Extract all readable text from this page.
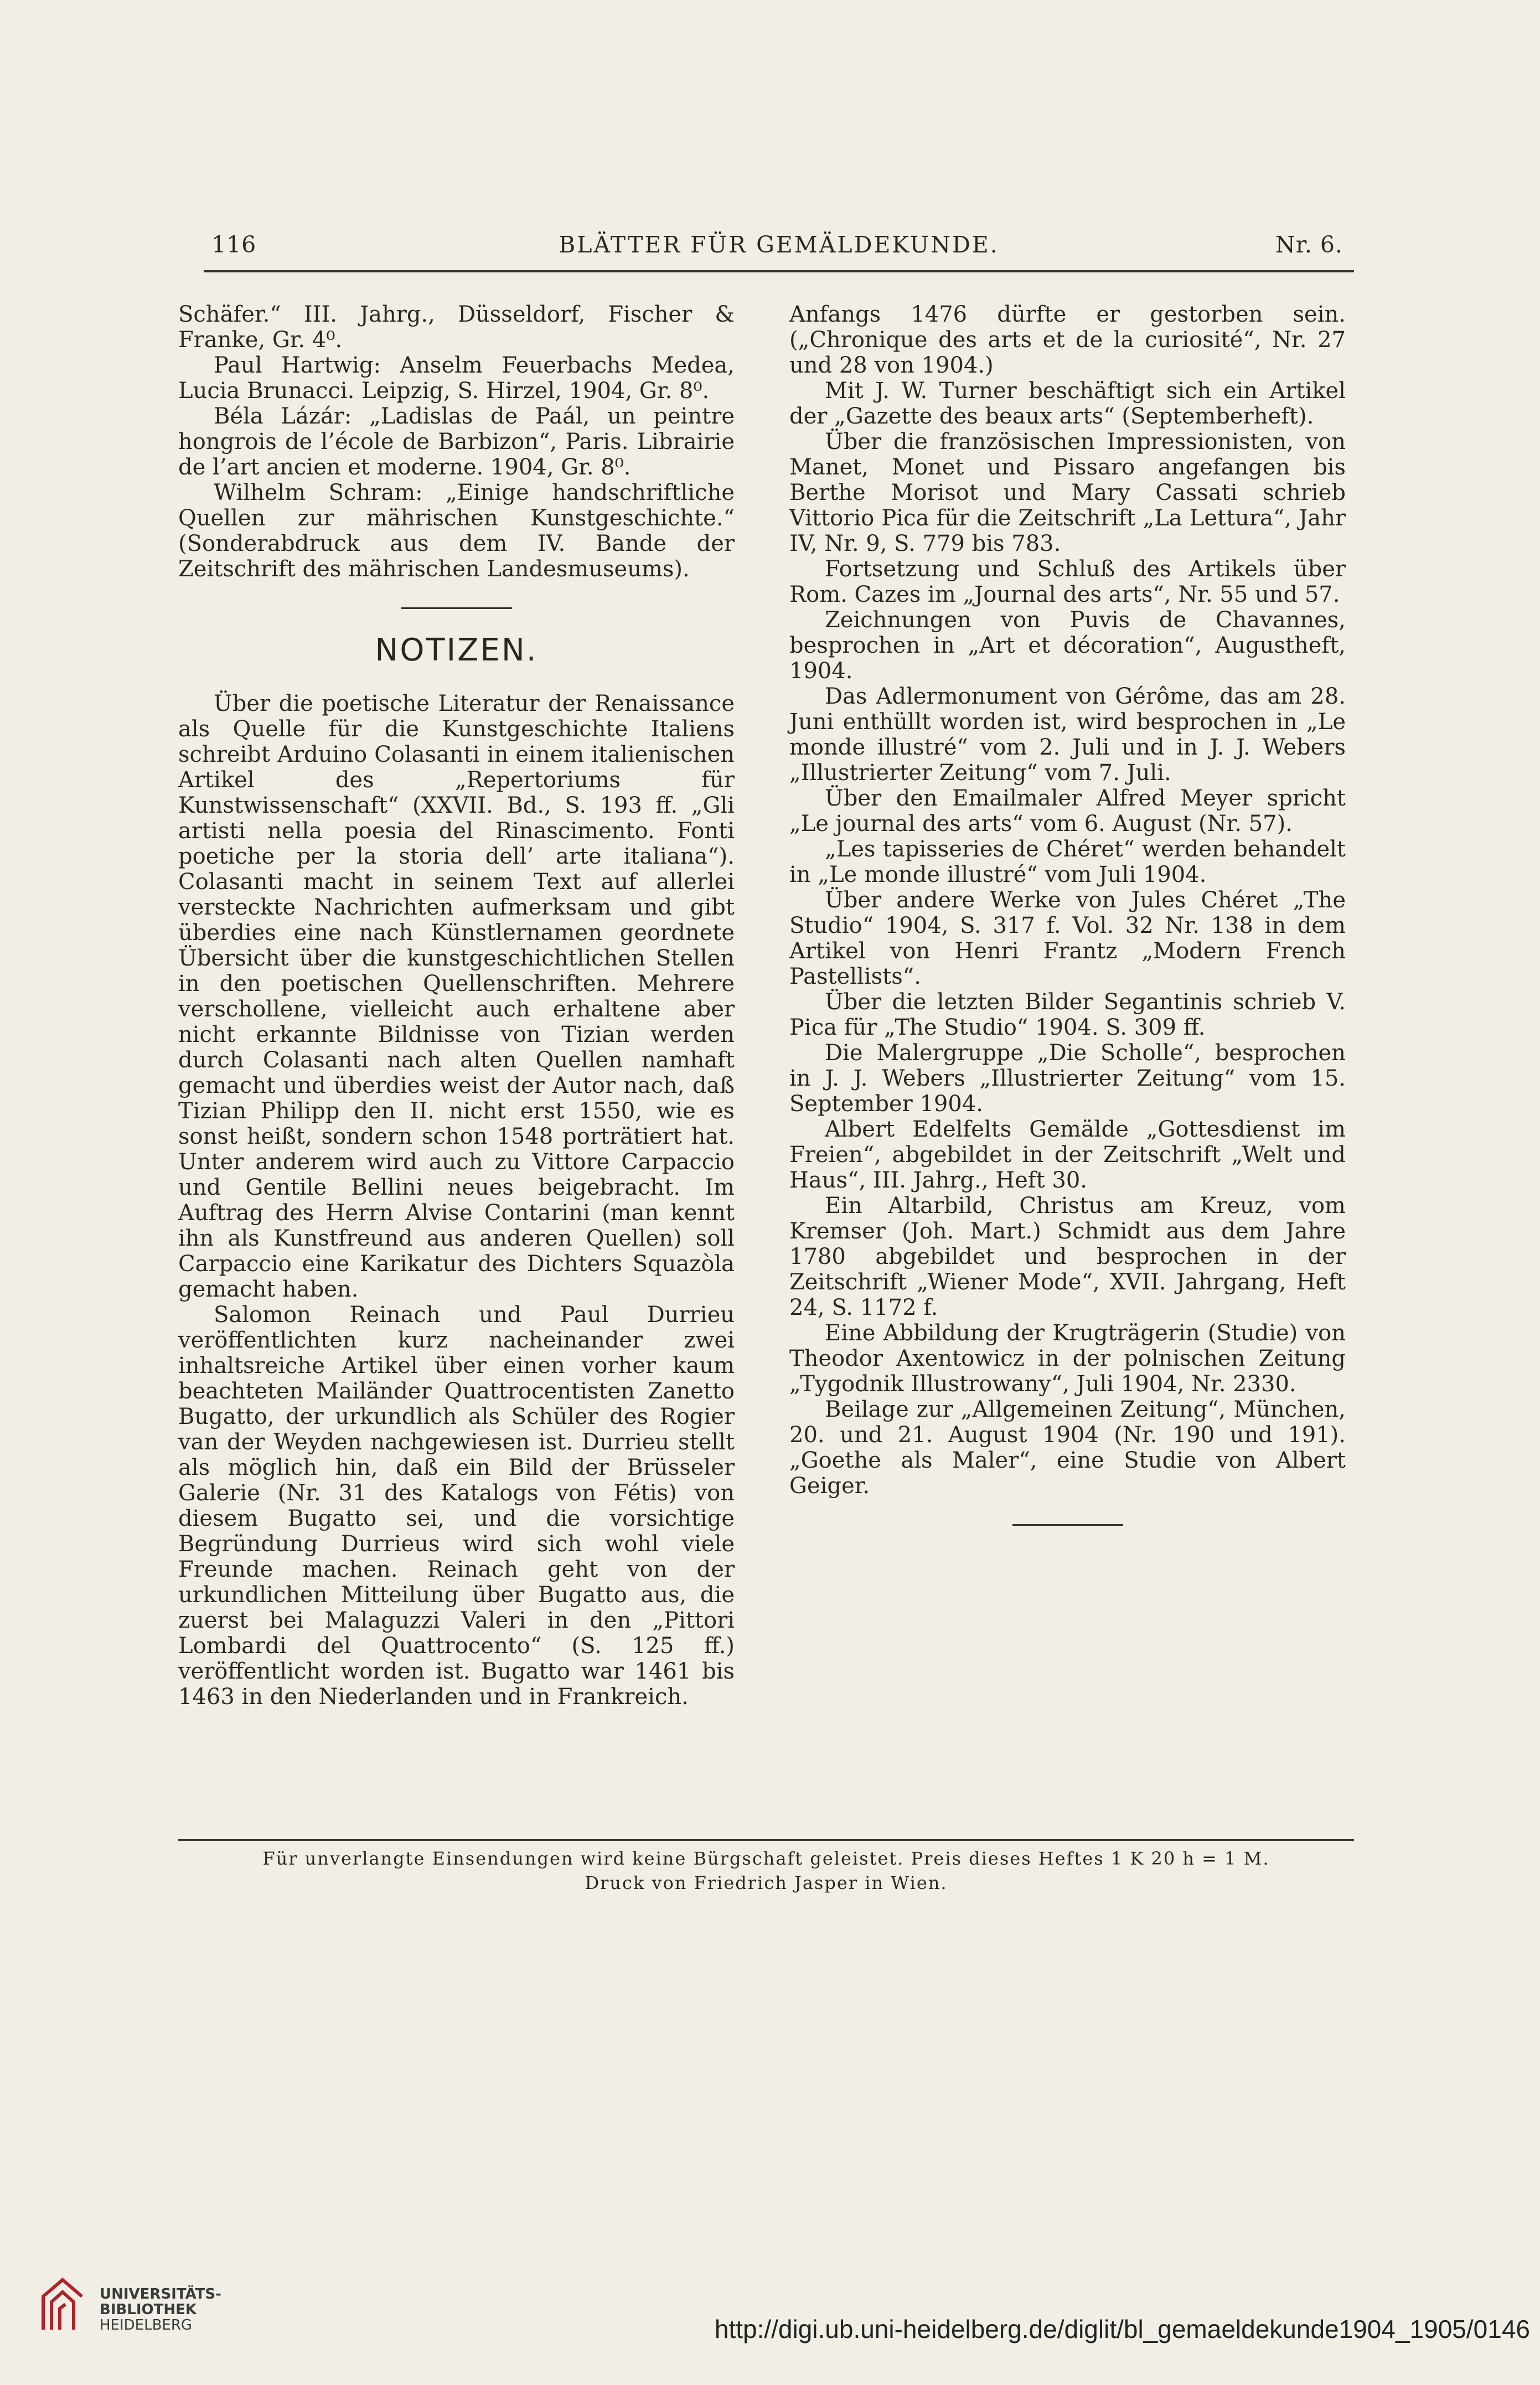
116	BLÄTTER FÜR GEMÄLDEKUNDE.	Nr. 6.

Schäfer.“ III. Jahrg., Düsseldorf, Fischer & Franke, Gr. 4⁰.

Paul Hartwig: Anselm Feuerbachs Medea, Lucia Brunacci. Leipzig, S. Hirzel, 1904, Gr. 8⁰.

Béla Lázár: „Ladislas de Paál, un peintre hongrois de l’école de Barbizon“, Paris. Librairie de l’art ancien et moderne. 1904, Gr. 8⁰.

Wilhelm Schram: „Einige handschriftliche Quellen zur mährischen Kunstgeschichte.“ (Sonderabdruck aus dem IV. Bande der Zeitschrift des mährischen Landesmuseums).

NOTIZEN.

Über die poetische Literatur der Renaissance als Quelle für die Kunstgeschichte Italiens schreibt Arduino Colasanti in einem italienischen Artikel des „Repertoriums für Kunstwissenschaft“ (XXVII. Bd., S. 193 ff. „Gli artisti nella poesia del Rinascimento. Fonti poetiche per la storia dell’ arte italiana“). Colasanti macht in seinem Text auf allerlei versteckte Nachrichten aufmerksam und gibt überdies eine nach Künstlernamen geordnete Übersicht über die kunstgeschichtlichen Stellen in den poetischen Quellenschriften. Mehrere verschollene, vielleicht auch erhaltene aber nicht erkannte Bildnisse von Tizian werden durch Colasanti nach alten Quellen namhaft gemacht und überdies weist der Autor nach, daß Tizian Philipp den II. nicht erst 1550, wie es sonst heißt, sondern schon 1548 porträtiert hat. Unter anderem wird auch zu Vittore Carpaccio und Gentile Bellini neues beigebracht. Im Auftrag des Herrn Alvise Contarini (man kennt ihn als Kunstfreund aus anderen Quellen) soll Carpaccio eine Karikatur des Dichters Squazòla gemacht haben.

Salomon Reinach und Paul Durrieu veröffentlichten kurz nacheinander zwei inhaltsreiche Artikel über einen vorher kaum beachteten Mailänder Quattrocentisten Zanetto Bugatto, der urkundlich als Schüler des Rogier van der Weyden nachgewiesen ist. Durrieu stellt als möglich hin, daß ein Bild der Brüsseler Galerie (Nr. 31 des Katalogs von Fétis) von diesem Bugatto sei, und die vorsichtige Begründung Durrieus wird sich wohl viele Freunde machen. Reinach geht von der urkundlichen Mitteilung über Bugatto aus, die zuerst bei Malaguzzi Valeri in den „Pittori Lombardi del Quattrocento“ (S. 125 ff.) veröffentlicht worden ist. Bugatto war 1461 bis 1463 in den Niederlanden und in Frankreich.

Anfangs 1476 dürfte er gestorben sein. („Chronique des arts et de la curiosité“, Nr. 27 und 28 von 1904.)

Mit J. W. Turner beschäftigt sich ein Artikel der „Gazette des beaux arts“ (Septemberheft).

Über die französischen Impressionisten, von Manet, Monet und Pissaro angefangen bis Berthe Morisot und Mary Cassati schrieb Vittorio Pica für die Zeitschrift „La Lettura“, Jahr IV, Nr. 9, S. 779 bis 783.

Fortsetzung und Schluß des Artikels über Rom. Cazes im „Journal des arts“, Nr. 55 und 57.

Zeichnungen von Puvis de Chavannes, besprochen in „Art et décoration“, Augustheft, 1904.

Das Adlermonument von Gérôme, das am 28. Juni enthüllt worden ist, wird besprochen in „Le monde illustré“ vom 2. Juli und in J. J. Webers „Illustrierter Zeitung“ vom 7. Juli.

Über den Emailmaler Alfred Meyer spricht „Le journal des arts“ vom 6. August (Nr. 57).

„Les tapisseries de Chéret“ werden behandelt in „Le monde illustré“ vom Juli 1904.

Über andere Werke von Jules Chéret „The Studio“ 1904, S. 317 f. Vol. 32 Nr. 138 in dem Artikel von Henri Frantz „Modern French Pastellists“.

Über die letzten Bilder Segantinis schrieb V. Pica für „The Studio“ 1904. S. 309 ff.

Die Malergruppe „Die Scholle“, besprochen in J. J. Webers „Illustrierter Zeitung“ vom 15. September 1904.

Albert Edelfelts Gemälde „Gottesdienst im Freien“, abgebildet in der Zeitschrift „Welt und Haus“, III. Jahrg., Heft 30.

Ein Altarbild, Christus am Kreuz, vom Kremser (Joh. Mart.) Schmidt aus dem Jahre 1780 abgebildet und besprochen in der Zeitschrift „Wiener Mode“, XVII. Jahrgang, Heft 24, S. 1172 f.

Eine Abbildung der Krugträgerin (Studie) von Theodor Axentowicz in der polnischen Zeitung „Tygodnik Illustrowany“, Juli 1904, Nr. 2330.

Beilage zur „Allgemeinen Zeitung“, München, 20. und 21. August 1904 (Nr. 190 und 191). „Goethe als Maler“, eine Studie von Albert Geiger.

Für unverlangte Einsendungen wird keine Bürgschaft geleistet. Preis dieses Heftes 1 K 20 h = 1 M.
Druck von Friedrich Jasper in Wien.
UNIVERSITÄTS-
BIBLIOTHEK
HEIDELBERG	http://digi.ub.uni-heidelberg.de/diglit/bl_gemaeldekunde1904_1905/0146
